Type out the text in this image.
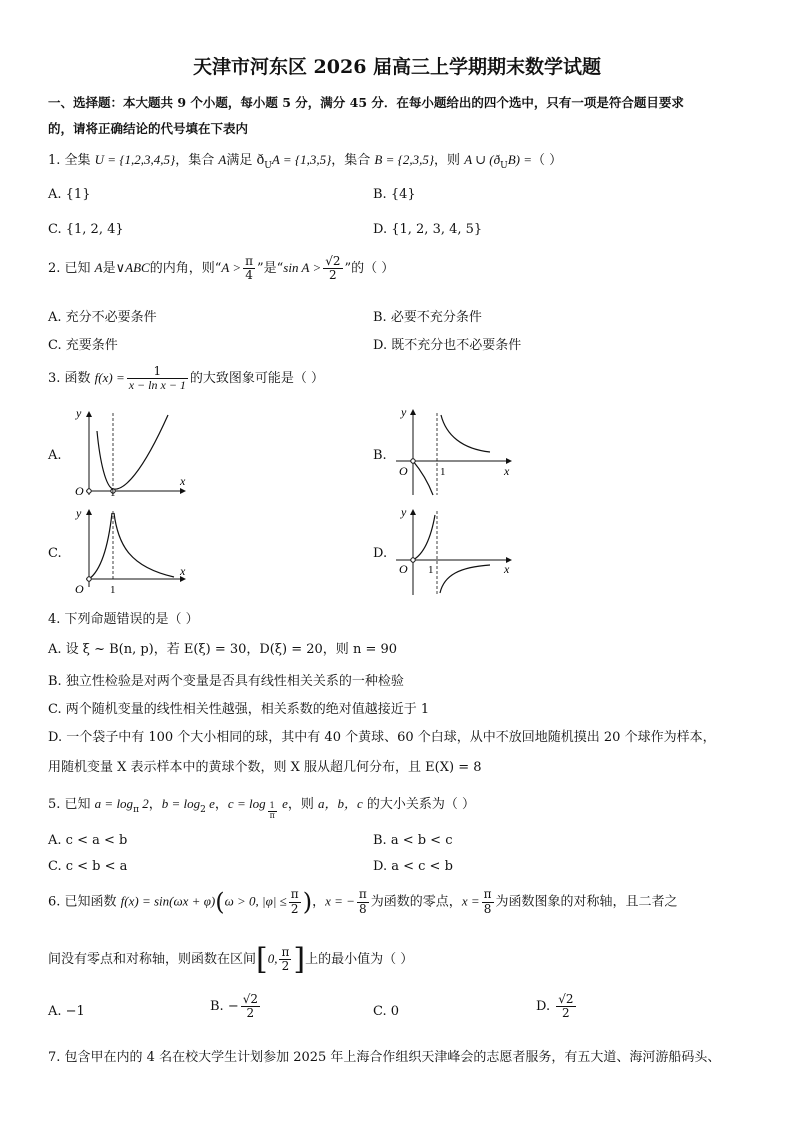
天津市河东区 2026 届高三上学期期末数学试题
一、选择题：本大题共 9 个小题，每小题 5 分，满分 45 分．在每小题给出的四个选中，只有一项是符合题目要求
的，请将正确结论的代号填在下表内
1. 全集 U = {1,2,3,4,5}，集合 A满足 $ð_UA = \{1,3,5\}$，集合 B = {2,3,5}，则 A ∪ $(ð_UB)$ =（ ）
A. {1}	B. {4}
C. {1, 2, 4}	D. {1, 2, 3, 4, 5}
2. 已知 A是∨ABC的内角，则“$A > \frac{\pi}{4}$ ”是“sin $A > \frac{√2}{2}$ ”的（ ）
A. 充分不必要条件	B. 必要不充分条件
C. 充要条件	D. 既不充分也不必要条件
3. 函数 $f(x) = \frac{1}{\text{x − ln x − 1}}$ 的大致图象可能是（ ）
A.
y
x
O 1
B.
y
x
O	1
C.
y
x
O 1
D.
y
x
O 1
4. 下列命题错误的是（ ）
A. 设 ξ ~ B(n, p)，若 E(ξ) = 30，D(ξ) = 20，则 n = 90
B. 独立性检验是对两个变量是否具有线性相关关系的一种检验
C. 两个随机变量的线性相关性越强，相关系数的绝对值越接近于 1
D. 一个袋子中有 100 个大小相同的球，其中有 40 个黄球、60 个白球，从中不放回地随机摸出 20 个球作为样本，
用随机变量 X 表示样本中的黄球个数，则 X 服从超几何分布，且 E(X) = 8
5. 已知 $a = \log_\pi 2$，$b = \log_2 e$，$c = \log \frac{1}{\pi}$ e，则 a，b，c 的大小关系为（ ）
A. c < a < b	B. a < b < c
C. c < b < a	D. a < c < b
6. 已知函数 f(x) = sin(ωx + φ)(ω > 0, $|\varphi| \le \frac{\pi}{2}$ )，x = − $\frac{\pi}{8}$ 为函数的零点，$x = \frac{\pi}{8}$ 为函数图象的对称轴，且二者之
间没有零点和对称轴，则函数在区间[0, $\frac{\pi}{2}$ ]上的最小值为（ ）
A. −1	B. − $\frac{√2}{2}$	C. 0	D. $\frac{√2}{2}$
7. 包含甲在内的 4 名在校大学生计划参加 2025 年上海合作组织天津峰会的志愿者服务，有五大道、海河游船码头、
